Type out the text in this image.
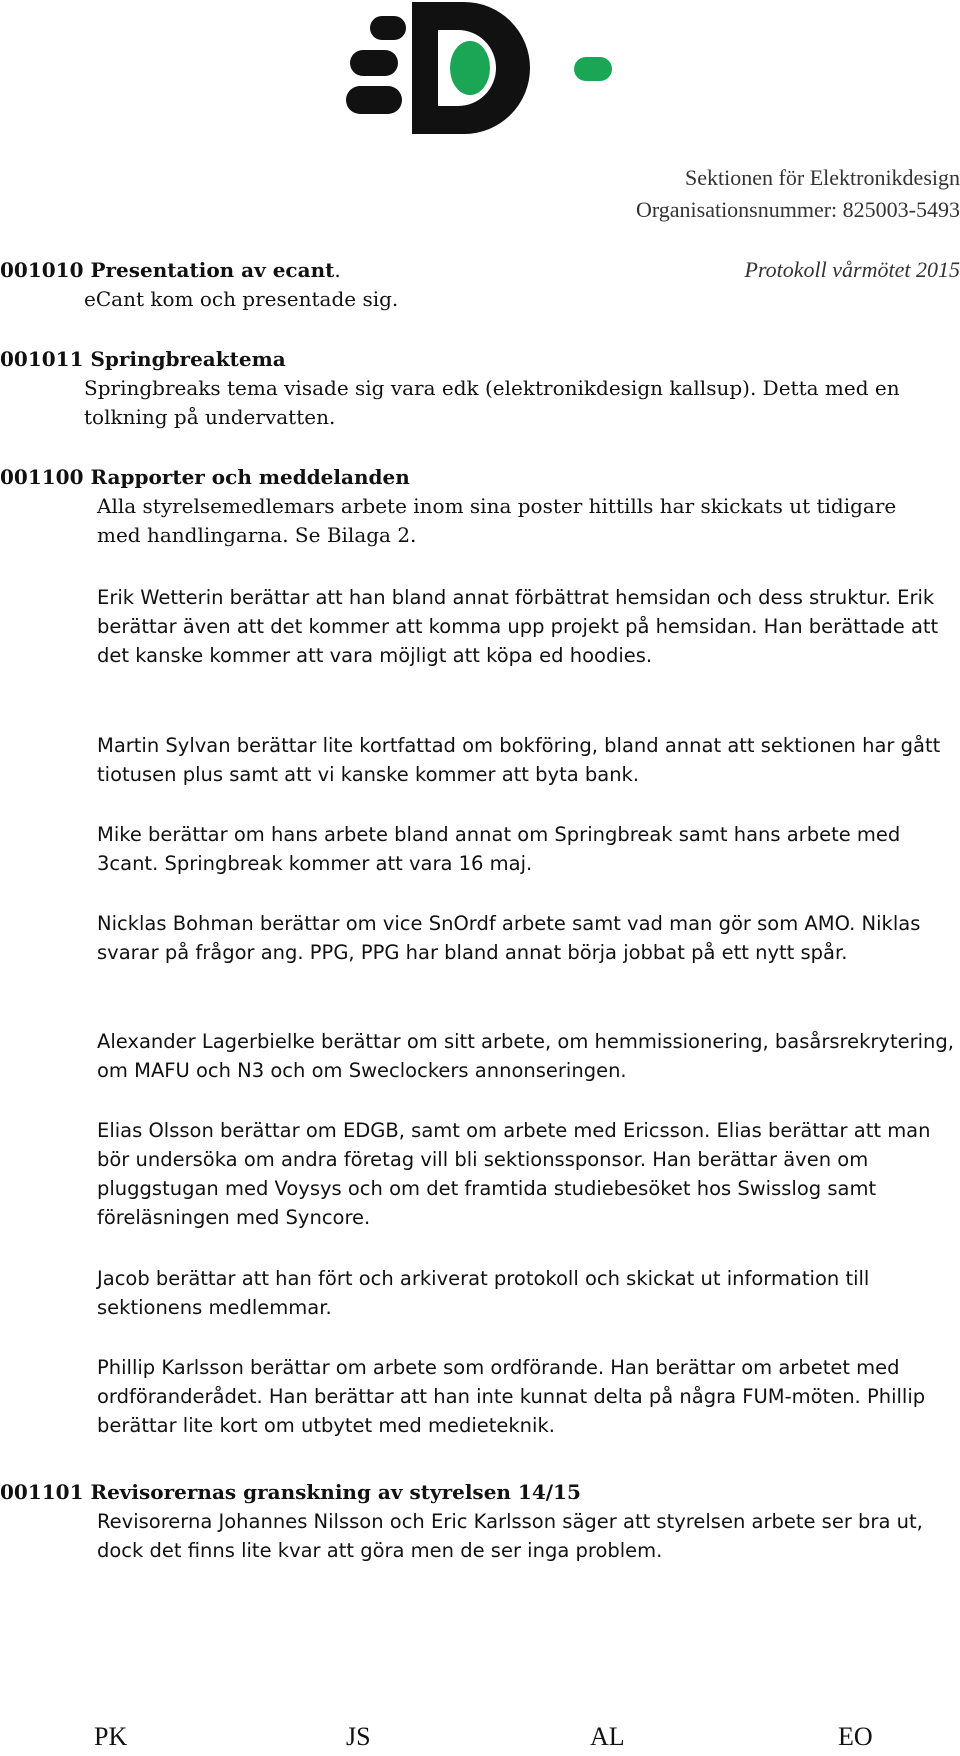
Sektionen för Elektronikdesign
Organisationsnummer: 825003-5493
Protokoll vårmötet 2015
001010 Presentation av ecant.
eCant kom och presentade sig.
001011 Springbreaktema
Springbreaks tema visade sig vara edk (elektronikdesign kallsup). Detta med en
tolkning på undervatten.
001100 Rapporter och meddelanden
Alla styrelsemedlemars arbete inom sina poster hittills har skickats ut tidigare
med handlingarna. Se Bilaga 2.

Erik Wetterin berättar att han bland annat förbättrat hemsidan och dess struktur. Erik berättar även att det kommer att komma upp projekt på hemsidan. Han berättade att det kanske kommer att vara möjligt att köpa ed hoodies.

Martin Sylvan berättar lite kortfattad om bokföring, bland annat att sektionen har gått tiotusen plus samt att vi kanske kommer att byta bank.

Mike berättar om hans arbete bland annat om Springbreak samt hans arbete med 3cant. Springbreak kommer att vara 16 maj.

Nicklas Bohman berättar om vice SnOrdf arbete samt vad man gör som AMO. Niklas svarar på frågor ang. PPG, PPG har bland annat börja jobbat på ett nytt spår.

Alexander Lagerbielke berättar om sitt arbete, om hemmissionering, basårsrekrytering, om MAFU och N3 och om Sweclockers annonseringen.

Elias Olsson berättar om EDGB, samt om arbete med Ericsson. Elias berättar att man bör undersöka om andra företag vill bli sektionssponsor. Han berättar även om pluggstugan med Voysys och om det framtida studiebesöket hos Swisslog samt föreläsningen med Syncore.

Jacob berättar att han fört och arkiverat protokoll och skickat ut information till sektionens medlemmar.

Phillip Karlsson berättar om arbete som ordförande. Han berättar om arbetet med ordföranderådet. Han berättar att han inte kunnat delta på några FUM-möten. Phillip berättar lite kort om utbytet med medieteknik.

001101 Revisorernas granskning av styrelsen 14/15

Revisorerna Johannes Nilsson och Eric Karlsson säger att styrelsen arbete ser bra ut, dock det finns lite kvar att göra men de ser inga problem.

PK	JS	AL	EO
